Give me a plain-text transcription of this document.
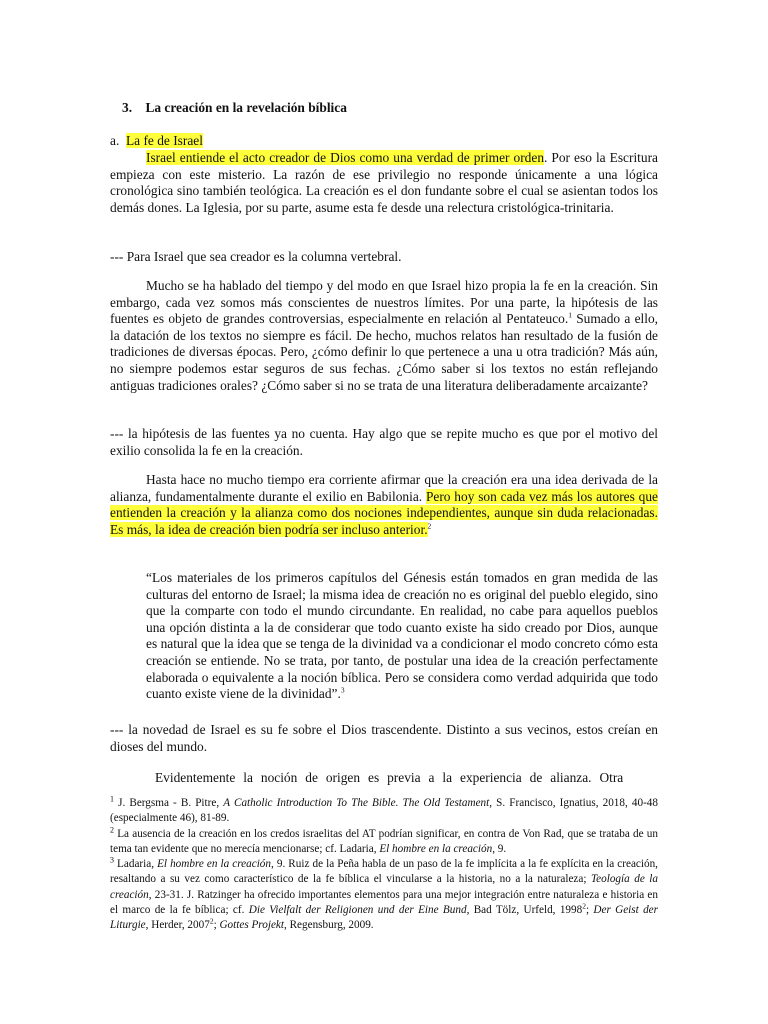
3. La creación en la revelación bíblica

a. La fe de Israel

Israel entiende el acto creador de Dios como una verdad de primer orden. Por eso la Escritura empieza con este misterio. La razón de ese privilegio no responde únicamente a una lógica cronológica sino también teológica. La creación es el don fundante sobre el cual se asientan todos los demás dones. La Iglesia, por su parte, asume esta fe desde una relectura cristológica-trinitaria.

--- Para Israel que sea creador es la columna vertebral.

Mucho se ha hablado del tiempo y del modo en que Israel hizo propia la fe en la creación. Sin embargo, cada vez somos más conscientes de nuestros límites. Por una parte, la hipótesis de las fuentes es objeto de grandes controversias, especialmente en relación al Pentateuco.$^1$ Sumado a ello, la datación de los textos no siempre es fácil. De hecho, muchos relatos han resultado de la fusión de tradiciones de diversas épocas. Pero, ¿cómo definir lo que pertenece a una u otra tradición? Más aún, no siempre podemos estar seguros de sus fechas. ¿Cómo saber si los textos no están reflejando antiguas tradiciones orales? ¿Cómo saber si no se trata de una literatura deliberadamente arcaizante?

--- la hipótesis de las fuentes ya no cuenta. Hay algo que se repite mucho es que por el motivo del exilio consolida la fe en la creación.

Hasta hace no mucho tiempo era corriente afirmar que la creación era una idea derivada de la alianza, fundamentalmente durante el exilio en Babilonia. Pero hoy son cada vez más los autores que entienden la creación y la alianza como dos nociones independientes, aunque sin duda relacionadas. Es más, la idea de creación bien podría ser incluso anterior.$^2$

“Los materiales de los primeros capítulos del Génesis están tomados en gran medida de las culturas del entorno de Israel; la misma idea de creación no es original del pueblo elegido, sino que la comparte con todo el mundo circundante. En realidad, no cabe para aquellos pueblos una opción distinta a la de considerar que todo cuanto existe ha sido creado por Dios, aunque es natural que la idea que se tenga de la divinidad va a condicionar el modo concreto cómo esta creación se entiende. No se trata, por tanto, de postular una idea de la creación perfectamente elaborada o equivalente a la noción bíblica. Pero se considera como verdad adquirida que todo cuanto existe viene de la divinidad”.$^3$

--- la novedad de Israel es su fe sobre el Dios trascendente. Distinto a sus vecinos, estos creían en dioses del mundo.

Evidentemente la noción de origen es previa a la experiencia de alianza. Otra

$^1$ J. Bergsma - B. Pitre, A Catholic Introduction To The Bible. The Old Testament, S. Francisco, Ignatius, 2018, 40-48 (especialmente 46), 81-89.

$^2$ La ausencia de la creación en los credos israelitas del AT podrían significar, en contra de Von Rad, que se trataba de un tema tan evidente que no merecía mencionarse; cf. Ladaria, El hombre en la creación, 9.

$^3$ Ladaria, El hombre en la creación, 9. Ruiz de la Peña habla de un paso de la fe implícita a la fe explícita en la creación, resaltando a su vez como característico de la fe bíblica el vincularse a la historia, no a la naturaleza; Teología de la creación, 23-31. J. Ratzinger ha ofrecido importantes elementos para una mejor integración entre naturaleza e historia en el marco de la fe bíblica; cf. Die Vielfalt der Religionen und der Eine Bund, Bad Tölz, Urfeld, 1998$^2$; Der Geist der Liturgie, Herder, 2007$^2$; Gottes Projekt, Regensburg, 2009.
